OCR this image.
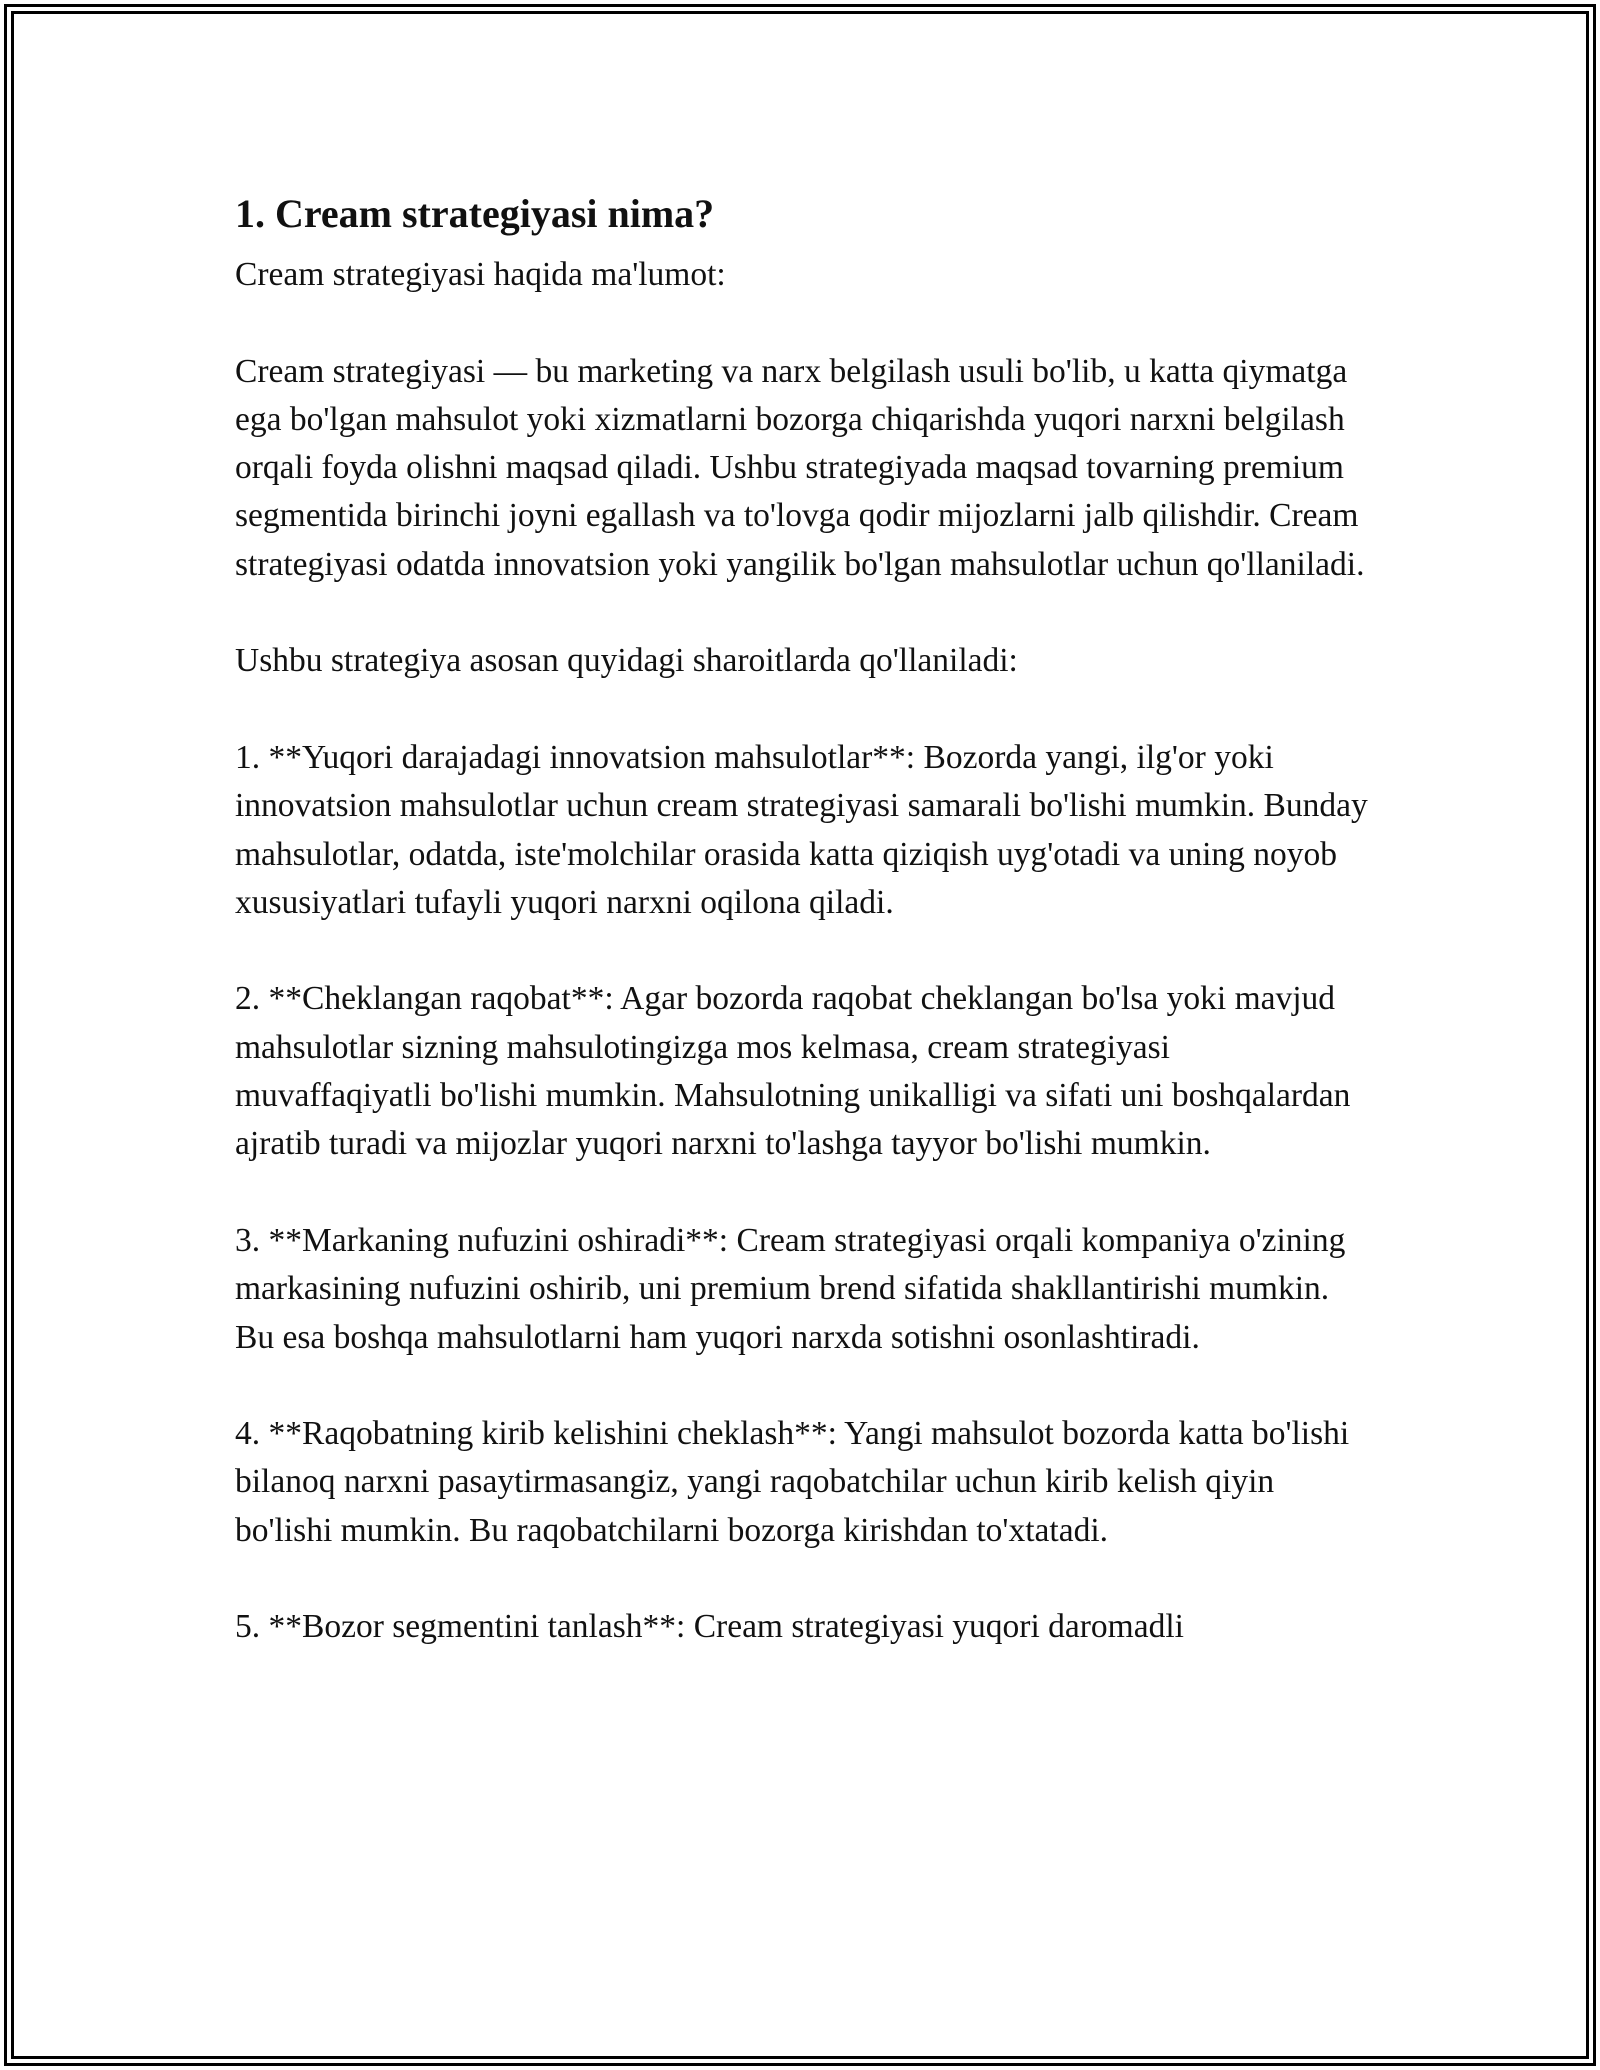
1. Cream strategiyasi nima?

Cream strategiyasi haqida ma'lumot:

Cream strategiyasi — bu marketing va narx belgilash usuli bo'lib, u katta qiymatga ega bo'lgan mahsulot yoki xizmatlarni bozorga chiqarishda yuqori narxni belgilash orqali foyda olishni maqsad qiladi. Ushbu strategiyada maqsad tovarning premium segmentida birinchi joyni egallash va to'lovga qodir mijozlarni jalb qilishdir. Cream strategiyasi odatda innovatsion yoki yangilik bo'lgan mahsulotlar uchun qo'llaniladi.

Ushbu strategiya asosan quyidagi sharoitlarda qo'llaniladi:

1. **Yuqori darajadagi innovatsion mahsulotlar**: Bozorda yangi, ilg'or yoki innovatsion mahsulotlar uchun cream strategiyasi samarali bo'lishi mumkin. Bunday mahsulotlar, odatda, iste'molchilar orasida katta qiziqish uyg'otadi va uning noyob xususiyatlari tufayli yuqori narxni oqilona qiladi.

2. **Cheklangan raqobat**: Agar bozorda raqobat cheklangan bo'lsa yoki mavjud mahsulotlar sizning mahsulotingizga mos kelmasa, cream strategiyasi muvaffaqiyatli bo'lishi mumkin. Mahsulotning unikalligi va sifati uni boshqalardan ajratib turadi va mijozlar yuqori narxni to'lashga tayyor bo'lishi mumkin.

3. **Markaning nufuzini oshiradi**: Cream strategiyasi orqali kompaniya o'zining markasining nufuzini oshirib, uni premium brend sifatida shakllantirishi mumkin. Bu esa boshqa mahsulotlarni ham yuqori narxda sotishni osonlashtiradi.

4. **Raqobatning kirib kelishini cheklash**: Yangi mahsulot bozorda katta bo'lishi bilanoq narxni pasaytirmasangiz, yangi raqobatchilar uchun kirib kelish qiyin bo'lishi mumkin. Bu raqobatchilarni bozorga kirishdan to'xtatadi.

5. **Bozor segmentini tanlash**: Cream strategiyasi yuqori daromadli
